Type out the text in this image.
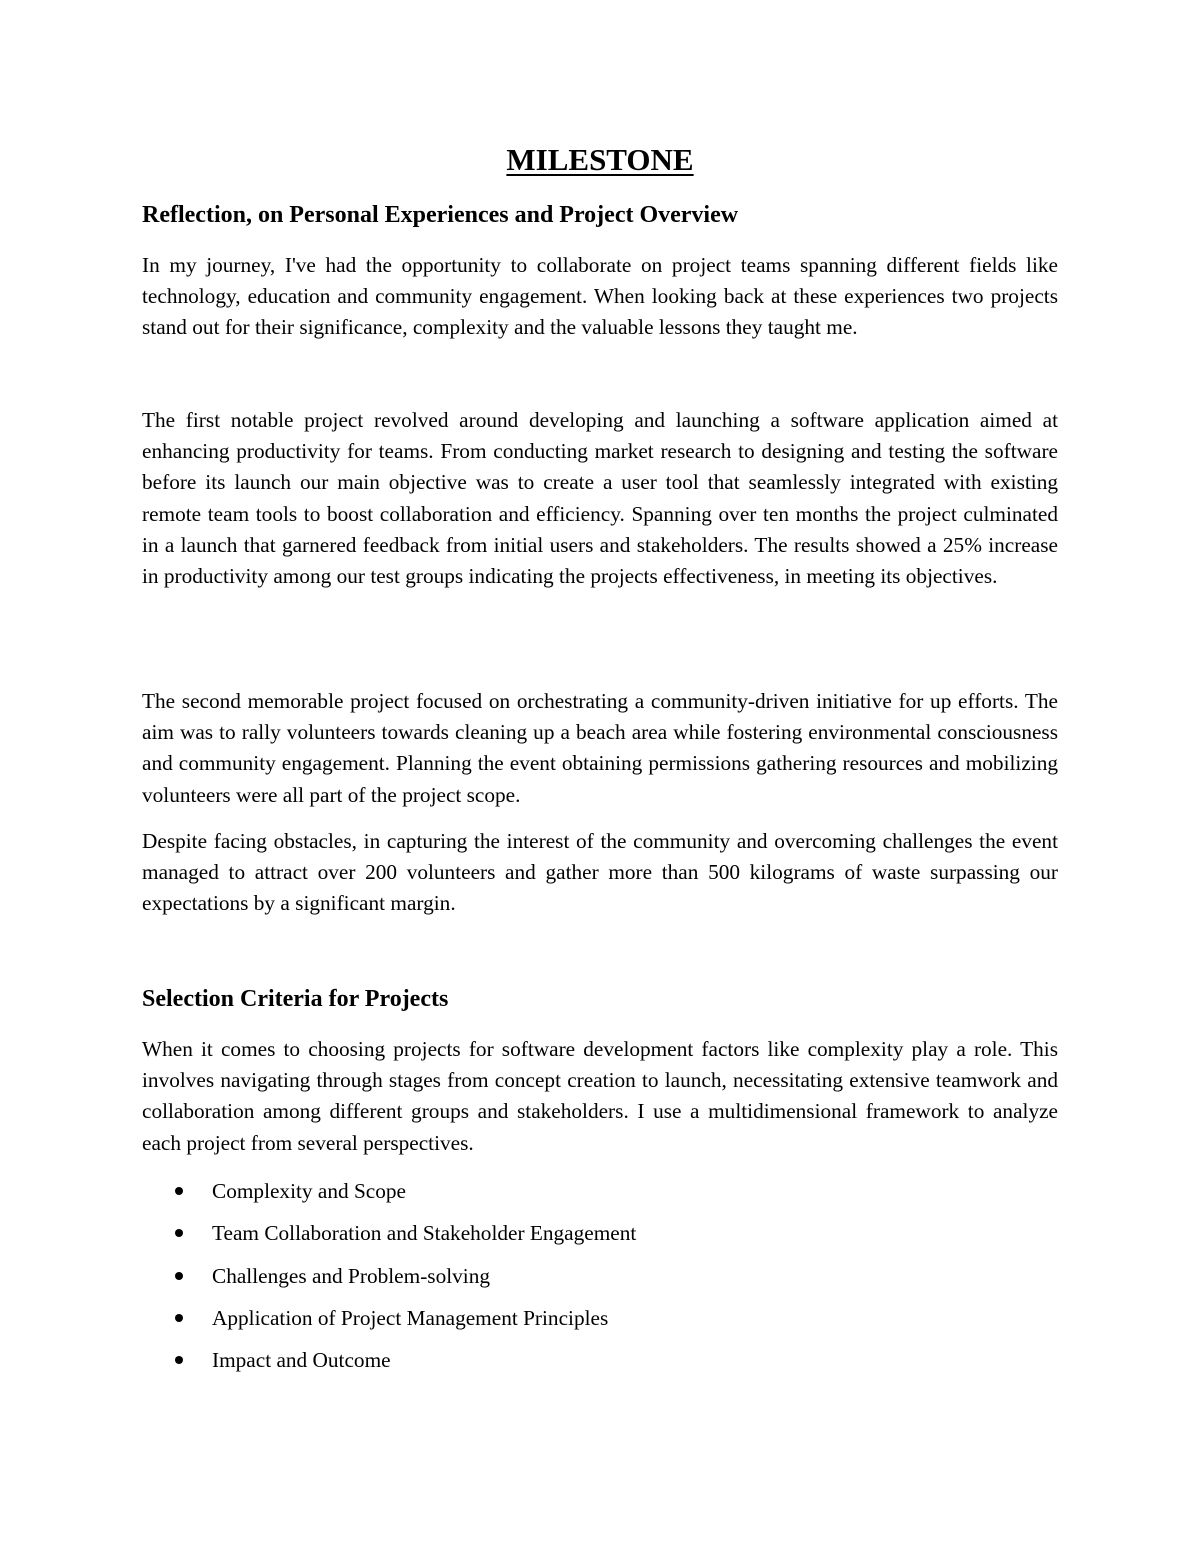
MILESTONE
Reflection, on Personal Experiences and Project Overview

In my journey, I've had the opportunity to collaborate on project teams spanning different fields like technology, education and community engagement. When looking back at these experiences two projects stand out for their significance, complexity and the valuable lessons they taught me.

The first notable project revolved around developing and launching a software application aimed at enhancing productivity for teams. From conducting market research to designing and testing the software before its launch our main objective was to create a user tool that seamlessly integrated with existing remote team tools to boost collaboration and efficiency. Spanning over ten months the project culminated in a launch that garnered feedback from initial users and stakeholders. The results showed a 25% increase in productivity among our test groups indicating the projects effectiveness, in meeting its objectives.

The second memorable project focused on orchestrating a community-driven initiative for up efforts. The aim was to rally volunteers towards cleaning up a beach area while fostering environmental consciousness and community engagement. Planning the event obtaining permissions gathering resources and mobilizing volunteers were all part of the project scope.

Despite facing obstacles, in capturing the interest of the community and overcoming challenges the event managed to attract over 200 volunteers and gather more than 500 kilograms of waste surpassing our expectations by a significant margin.

Selection Criteria for Projects

When it comes to choosing projects for software development factors like complexity play a role. This involves navigating through stages from concept creation to launch, necessitating extensive teamwork and collaboration among different groups and stakeholders. I use a multidimensional framework to analyze each project from several perspectives.

Complexity and Scope
Team Collaboration and Stakeholder Engagement
Challenges and Problem-solving
Application of Project Management Principles
Impact and Outcome
